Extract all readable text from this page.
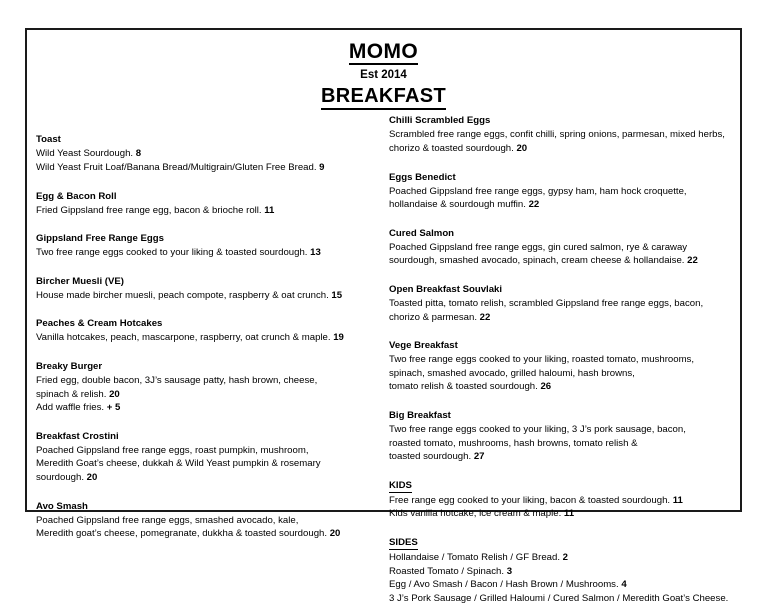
MOMO
Est 2014
BREAKFAST
Toast
Wild Yeast Sourdough. 8
Wild Yeast Fruit Loaf/Banana Bread/Multigrain/Gluten Free Bread. 9
Egg & Bacon Roll
Fried Gippsland free range egg, bacon & brioche roll. 11
Gippsland Free Range Eggs
Two free range eggs cooked to your liking & toasted sourdough. 13
Bircher Muesli (VE)
House made bircher muesli, peach compote, raspberry & oat crunch. 15
Peaches & Cream Hotcakes
Vanilla hotcakes, peach, mascarpone, raspberry, oat crunch & maple. 19
Breaky Burger
Fried egg, double bacon, 3J’s sausage patty, hash brown, cheese,
spinach & relish. 20
Add waffle fries. + 5
Breakfast Crostini
Poached Gippsland free range eggs, roast pumpkin, mushroom,
Meredith Goat’s cheese, dukkah & Wild Yeast pumpkin & rosemary
sourdough. 20
Avo Smash
Poached Gippsland free range eggs, smashed avocado, kale,
Meredith goat’s cheese, pomegranate, dukkha & toasted sourdough. 20
Chilli Scrambled Eggs
Scrambled free range eggs, confit chilli, spring onions, parmesan, mixed herbs,
chorizo & toasted sourdough. 20
Eggs Benedict
Poached Gippsland free range eggs, gypsy ham, ham hock croquette,
hollandaise & sourdough muffin. 22
Cured Salmon
Poached Gippsland free range eggs, gin cured salmon, rye & caraway
sourdough, smashed avocado, spinach, cream cheese & hollandaise. 22
Open Breakfast Souvlaki
Toasted pitta, tomato relish, scrambled Gippsland free range eggs, bacon,
chorizo & parmesan. 22
Vege Breakfast
Two free range eggs cooked to your liking, roasted tomato, mushrooms,
spinach, smashed avocado, grilled haloumi, hash browns,
tomato relish & toasted sourdough. 26
Big Breakfast
Two free range eggs cooked to your liking, 3 J’s pork sausage, bacon,
roasted tomato, mushrooms, hash browns, tomato relish &
toasted sourdough. 27
KIDS
Free range egg cooked to your liking, bacon & toasted sourdough. 11
Kids vanilla hotcake, ice cream & maple. 11
SIDES
Hollandaise / Tomato Relish / GF Bread. 2
Roasted Tomato / Spinach. 3
Egg / Avo Smash / Bacon / Hash Brown / Mushrooms. 4
3 J’s Pork Sausage / Grilled Haloumi / Cured Salmon / Meredith Goat’s Cheese.
